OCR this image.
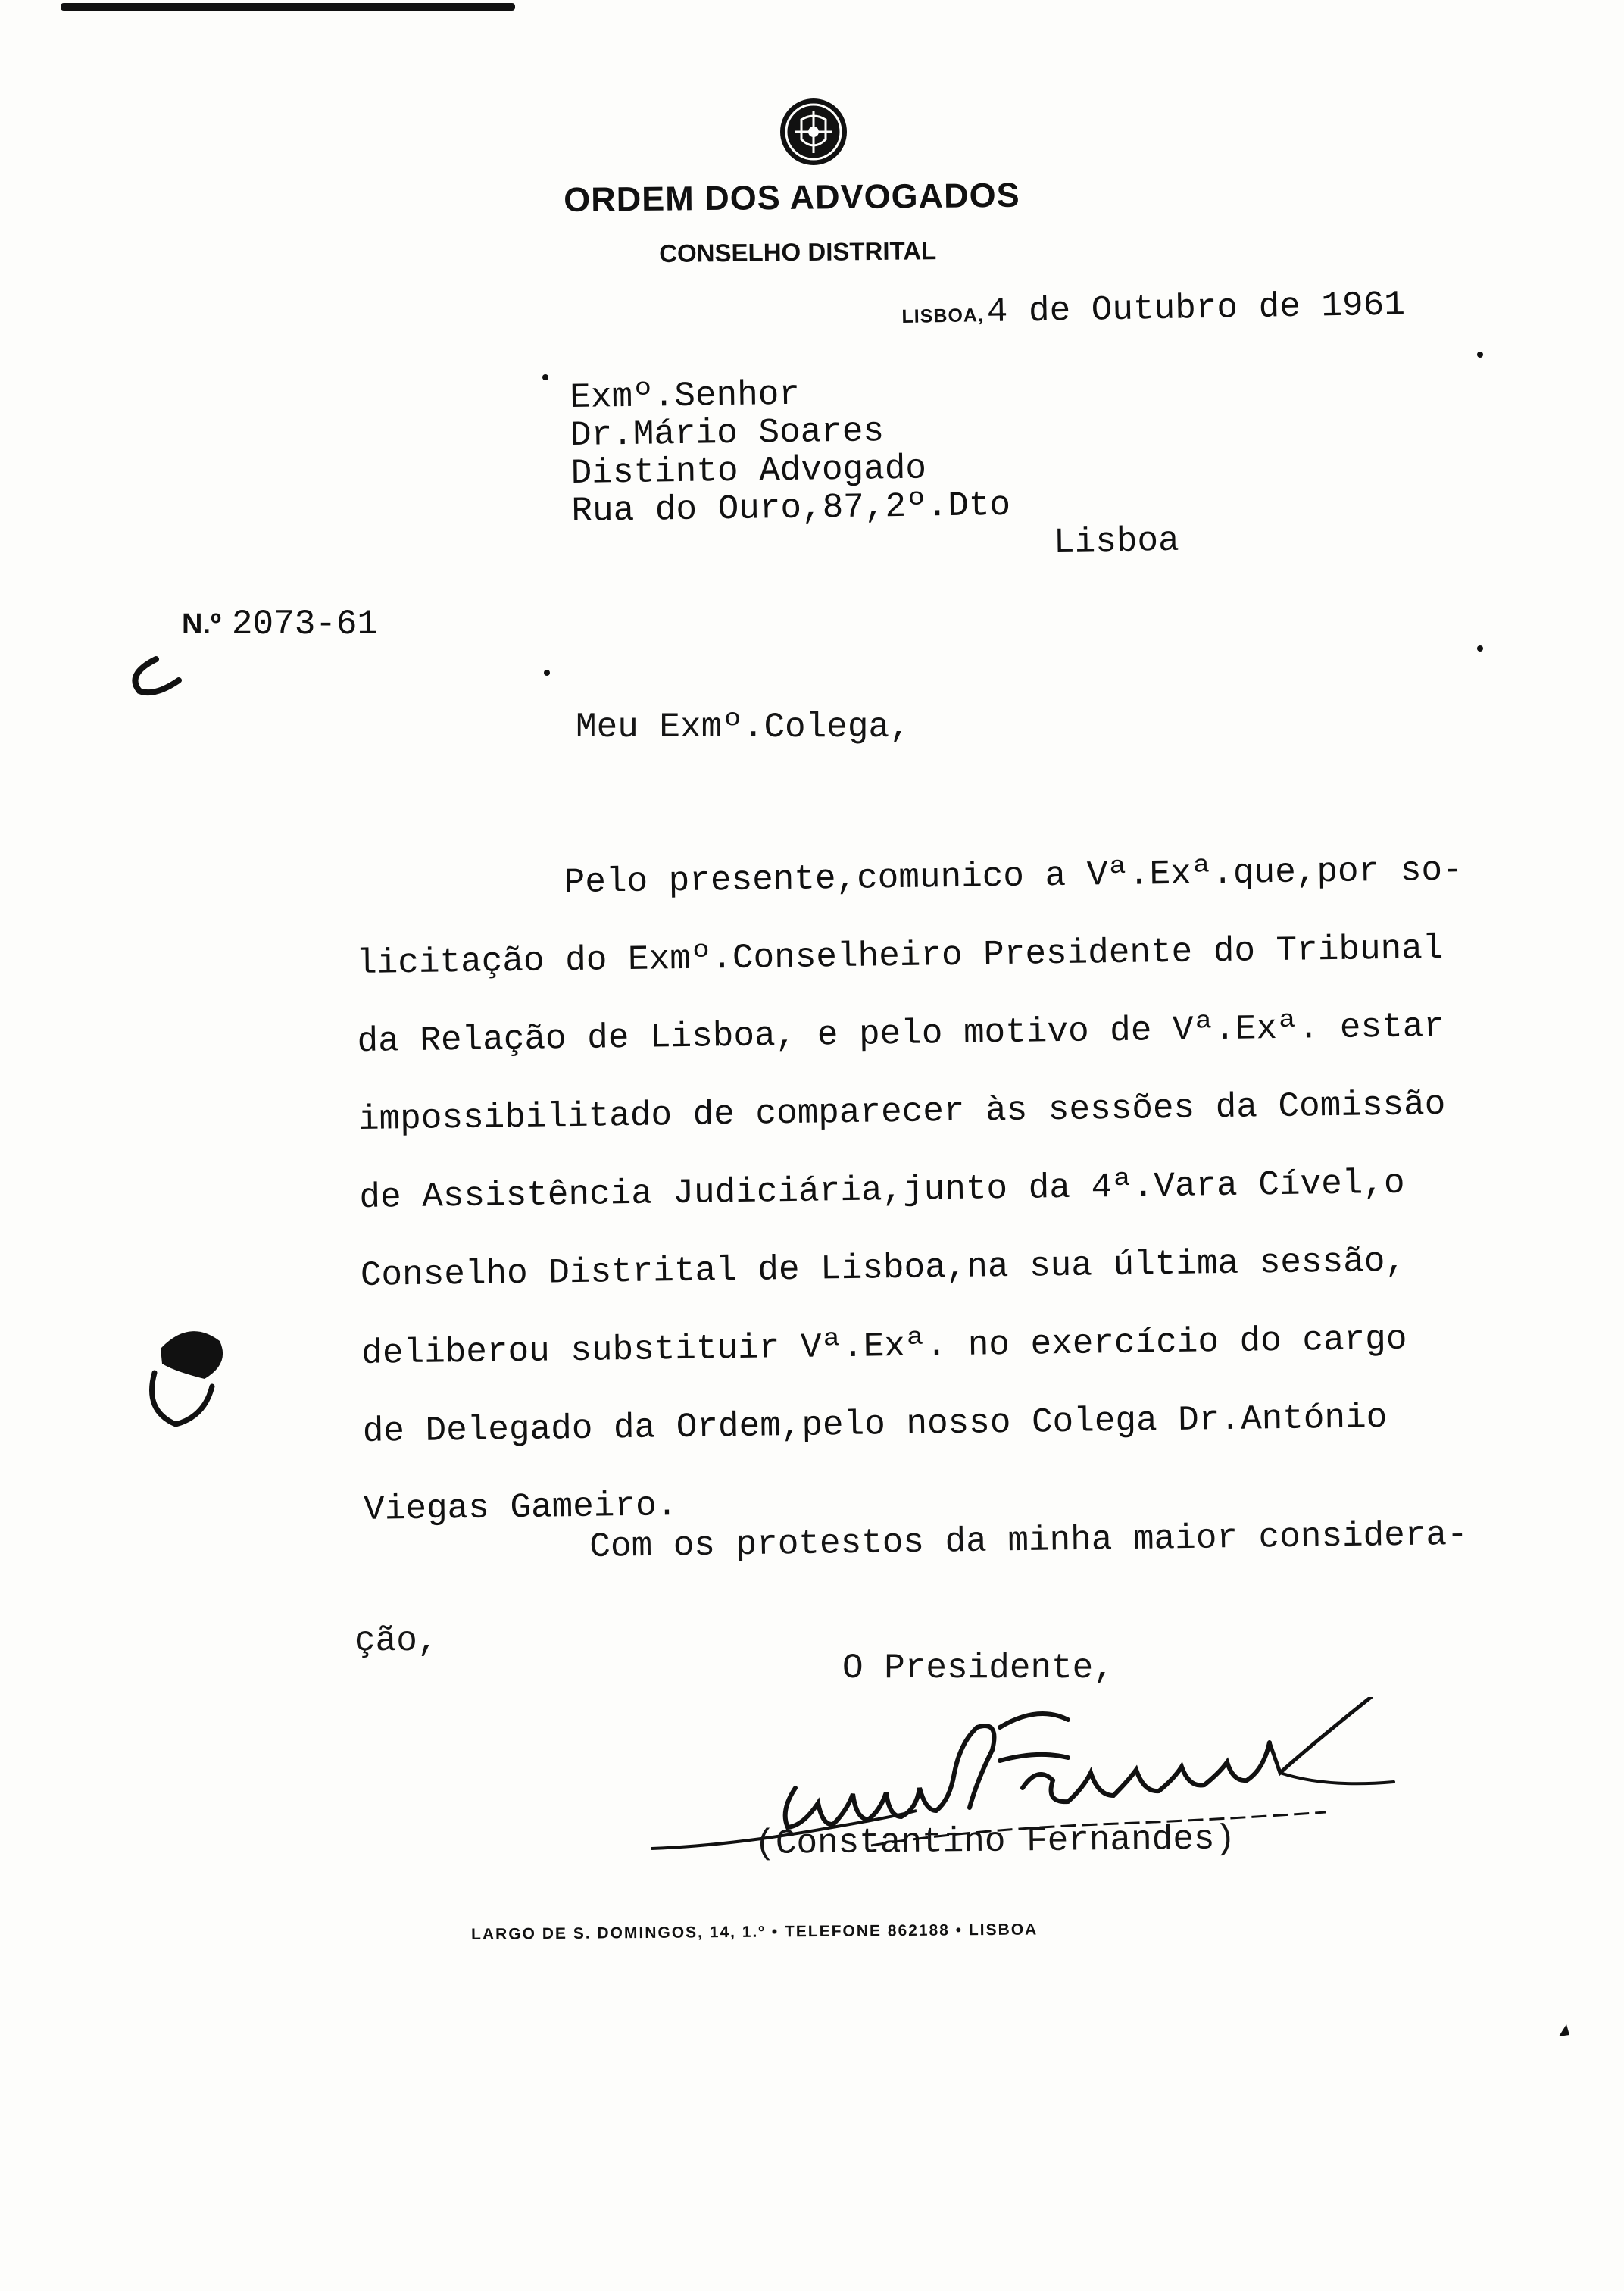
ORDEM DOS ADVOGADOS
CONSELHO DISTRITAL
LISBOA,4 de Outubro de 1961
Exmº.Senhor
Dr.Mário Soares
Distinto Advogado
Rua do Ouro,87,2º.Dto
Lisboa
N.º 2073-61
Meu Exmº.Colega,
Pelo presente,comunico a Vª.Exª.que,por so-
licitação do Exmº.Conselheiro Presidente do Tribunal
da Relação de Lisboa, e pelo motivo de Vª.Exª. estar
impossibilitado de comparecer às sessões da Comissão
de Assistência Judiciária,junto da 4ª.Vara Cível,o
Conselho Distrital de Lisboa,na sua última sessão,
deliberou substituir Vª.Exª. no exercício do cargo
de Delegado da Ordem,pelo nosso Colega Dr.António
Viegas Gameiro.
Com os protestos da minha maior considera-
ção,
O Presidente,
(Constantino Fernandes)
LARGO DE S. DOMINGOS, 14, 1.º • TELEFONE 862188 • LISBOA
